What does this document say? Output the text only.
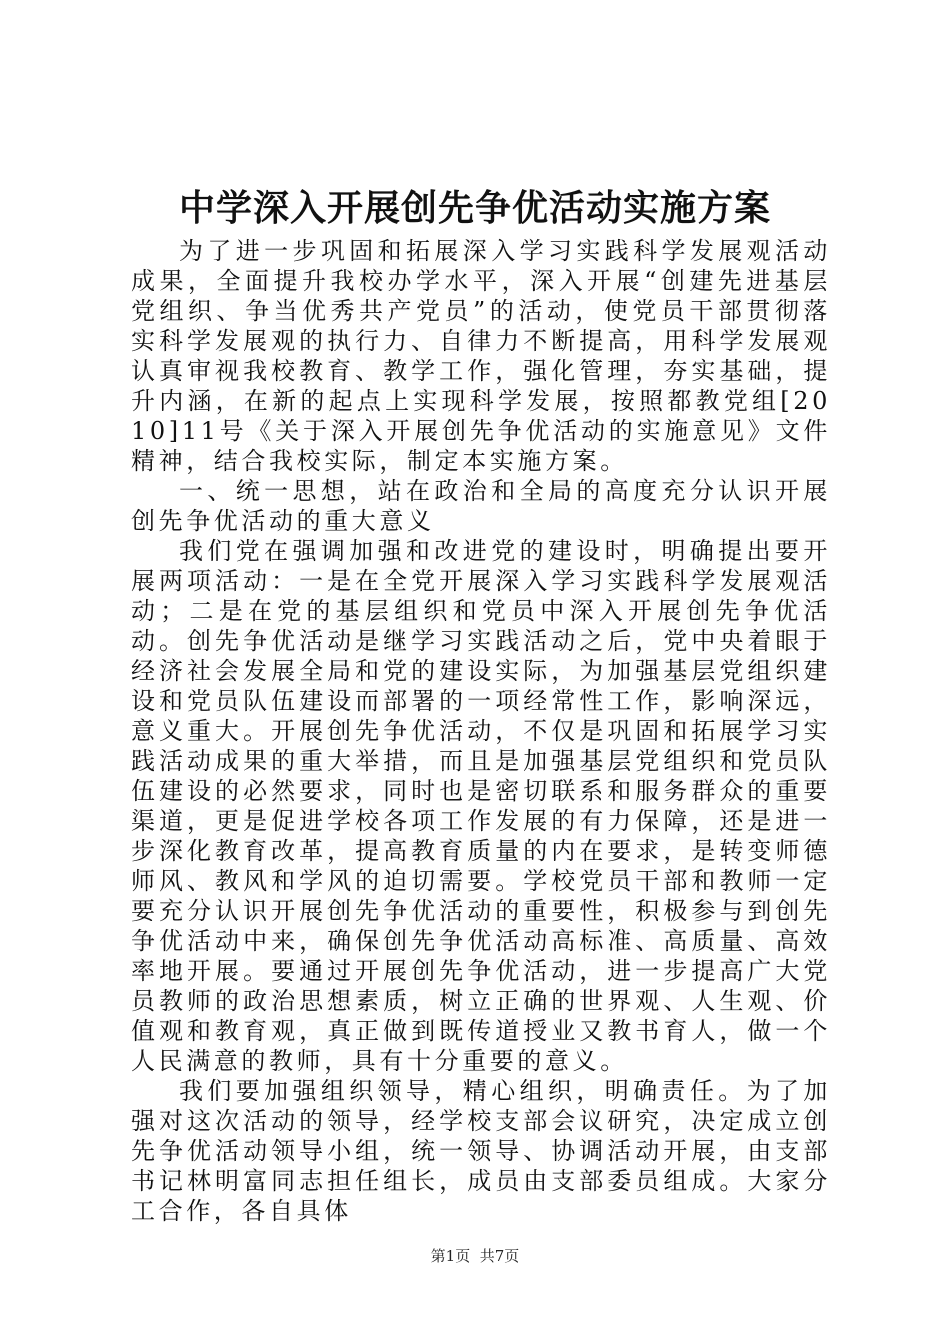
中学深入开展创先争优活动实施方案

为了进一步巩固和拓展深入学习实践科学发展观活动成果，全面提升我校办学水平，深入开展“创建先进基层党组织、争当优秀共产党员”的活动，使党员干部贯彻落实科学发展观的执行力、自律力不断提高，用科学发展观认真审视我校教育、教学工作，强化管理，夯实基础，提升内涵，在新的起点上实现科学发展，按照都教党组[2010]11号《关于深入开展创先争优活动的实施意见》文件精神，结合我校实际，制定本实施方案。

一、统一思想，站在政治和全局的高度充分认识开展创先争优活动的重大意义

我们党在强调加强和改进党的建设时，明确提出要开展两项活动：一是在全党开展深入学习实践科学发展观活动；二是在党的基层组织和党员中深入开展创先争优活动。创先争优活动是继学习实践活动之后，党中央着眼于经济社会发展全局和党的建设实际，为加强基层党组织建设和党员队伍建设而部署的一项经常性工作，影响深远，意义重大。开展创先争优活动，不仅是巩固和拓展学习实践活动成果的重大举措，而且是加强基层党组织和党员队伍建设的必然要求，同时也是密切联系和服务群众的重要渠道，更是促进学校各项工作发展的有力保障，还是进一步深化教育改革，提高教育质量的内在要求，是转变师德师风、教风和学风的迫切需要。学校党员干部和教师一定要充分认识开展创先争优活动的重要性，积极参与到创先争优活动中来，确保创先争优活动高标准、高质量、高效率地开展。要通过开展创先争优活动，进一步提高广大党员教师的政治思想素质，树立正确的世界观、人生观、价值观和教育观，真正做到既传道授业又教书育人，做一个人民满意的教师，具有十分重要的意义。

我们要加强组织领导，精心组织，明确责任。为了加强对这次活动的领导，经学校支部会议研究，决定成立创先争优活动领导小组，统一领导、协调活动开展，由支部书记林明富同志担任组长，成员由支部委员组成。大家分工合作，各自具体

第1页 共7页
